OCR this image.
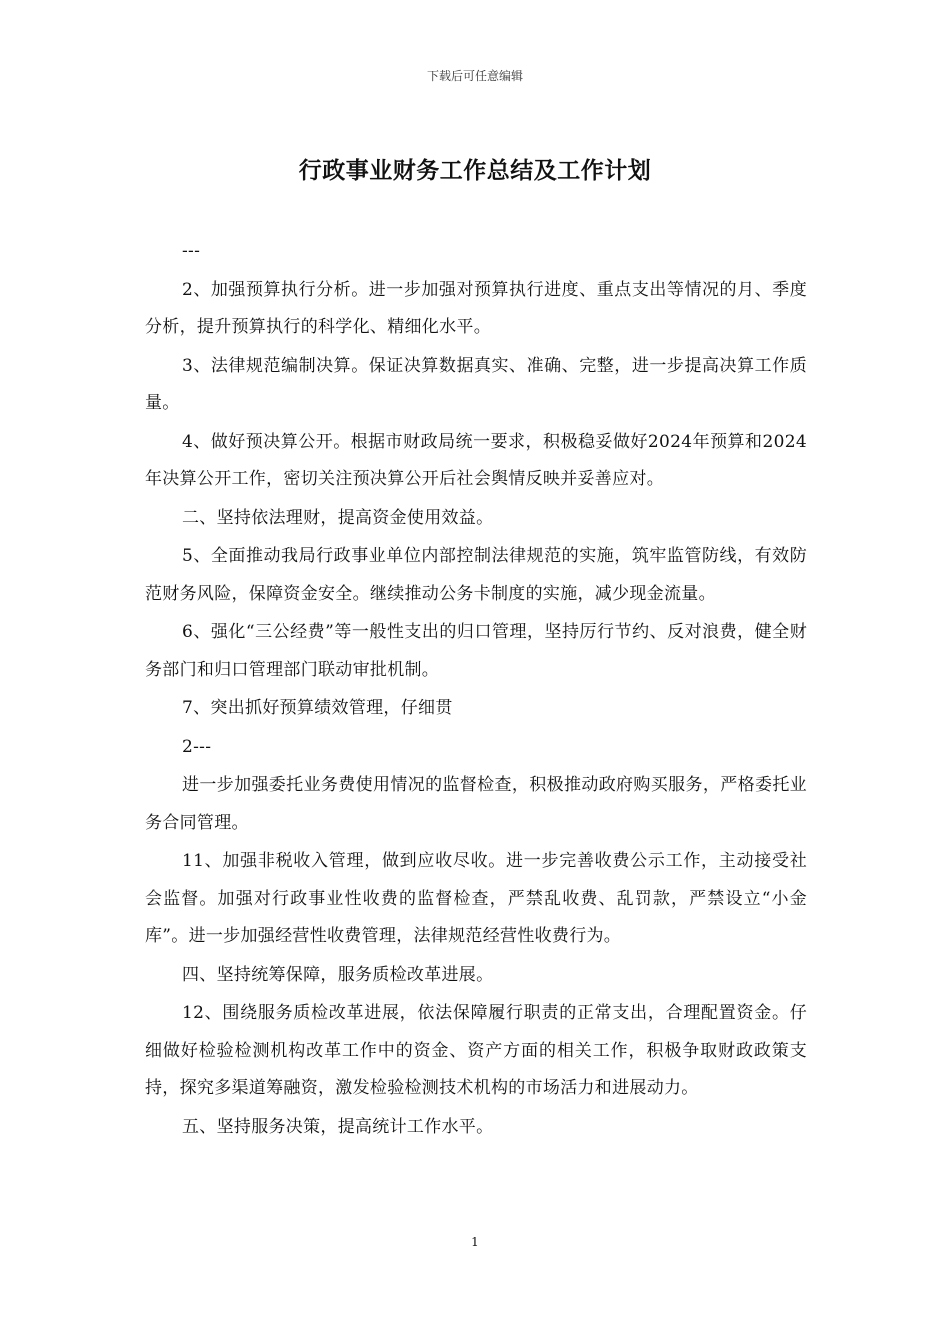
下载后可任意编辑
行政事业财务工作总结及工作计划

---

2、加强预算执行分析。进一步加强对预算执行进度、重点支出等情况的月、季度分析，提升预算执行的科学化、精细化水平。

3、法律规范编制决算。保证决算数据真实、准确、完整，进一步提高决算工作质量。

4、做好预决算公开。根据市财政局统一要求，积极稳妥做好2024年预算和2024年决算公开工作，密切关注预决算公开后社会舆情反映并妥善应对。

二、坚持依法理财，提高资金使用效益。

5、全面推动我局行政事业单位内部控制法律规范的实施，筑牢监管防线，有效防范财务风险，保障资金安全。继续推动公务卡制度的实施，减少现金流量。

6、强化“三公经费”等一般性支出的归口管理，坚持厉行节约、反对浪费，健全财务部门和归口管理部门联动审批机制。

7、突出抓好预算绩效管理，仔细贯

2---

进一步加强委托业务费使用情况的监督检查，积极推动政府购买服务，严格委托业务合同管理。

11、加强非税收入管理，做到应收尽收。进一步完善收费公示工作，主动接受社会监督。加强对行政事业性收费的监督检查，严禁乱收费、乱罚款，严禁设立“小金库”。进一步加强经营性收费管理，法律规范经营性收费行为。

四、坚持统筹保障，服务质检改革进展。

12、围绕服务质检改革进展，依法保障履行职责的正常支出，合理配置资金。仔细做好检验检测机构改革工作中的资金、资产方面的相关工作，积极争取财政政策支持，探究多渠道筹融资，激发检验检测技术机构的市场活力和进展动力。

五、坚持服务决策，提高统计工作水平。

1
